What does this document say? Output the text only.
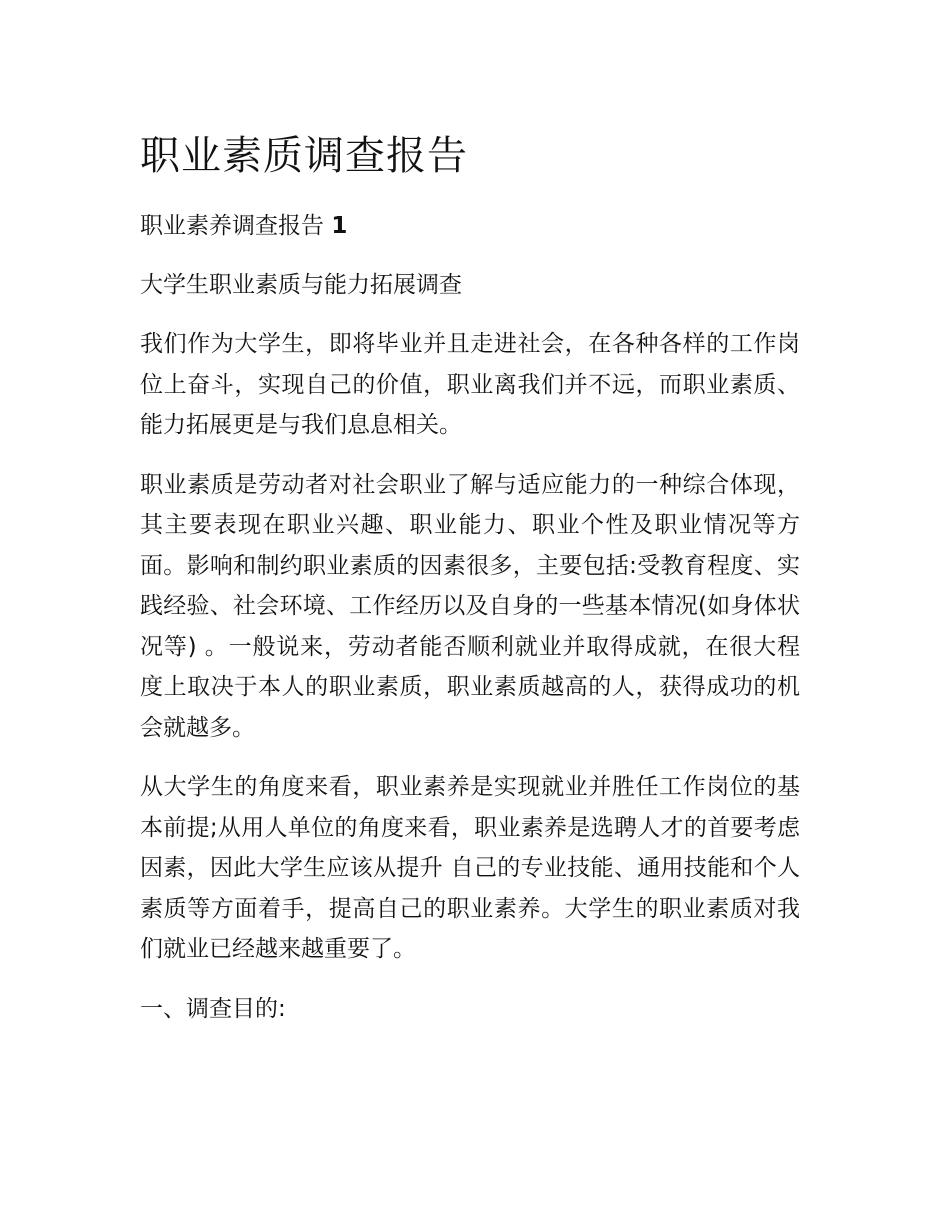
职业素质调查报告
职业素养调查报告 1
大学生职业素质与能力拓展调查

我们作为大学生，即将毕业并且走进社会，在各种各样的工作岗位上奋斗，实现自己的价值，职业离我们并不远，而职业素质、能力拓展更是与我们息息相关。

职业素质是劳动者对社会职业了解与适应能力的一种综合体现，其主要表现在职业兴趣、职业能力、职业个性及职业情况等方面。影响和制约职业素质的因素很多，主要包括:受教育程度、实践经验、社会环境、工作经历以及自身的一些基本情况(如身体状况等) 。一般说来，劳动者能否顺利就业并取得成就，在很大程度上取决于本人的职业素质，职业素质越高的人，获得成功的机会就越多。

从大学生的角度来看，职业素养是实现就业并胜任工作岗位的基本前提;从用人单位的角度来看，职业素养是选聘人才的首要考虑因素，因此大学生应该从提升 自己的专业技能、通用技能和个人素质等方面着手，提高自己的职业素养。大学生的职业素质对我们就业已经越来越重要了。

一、调查目的:
